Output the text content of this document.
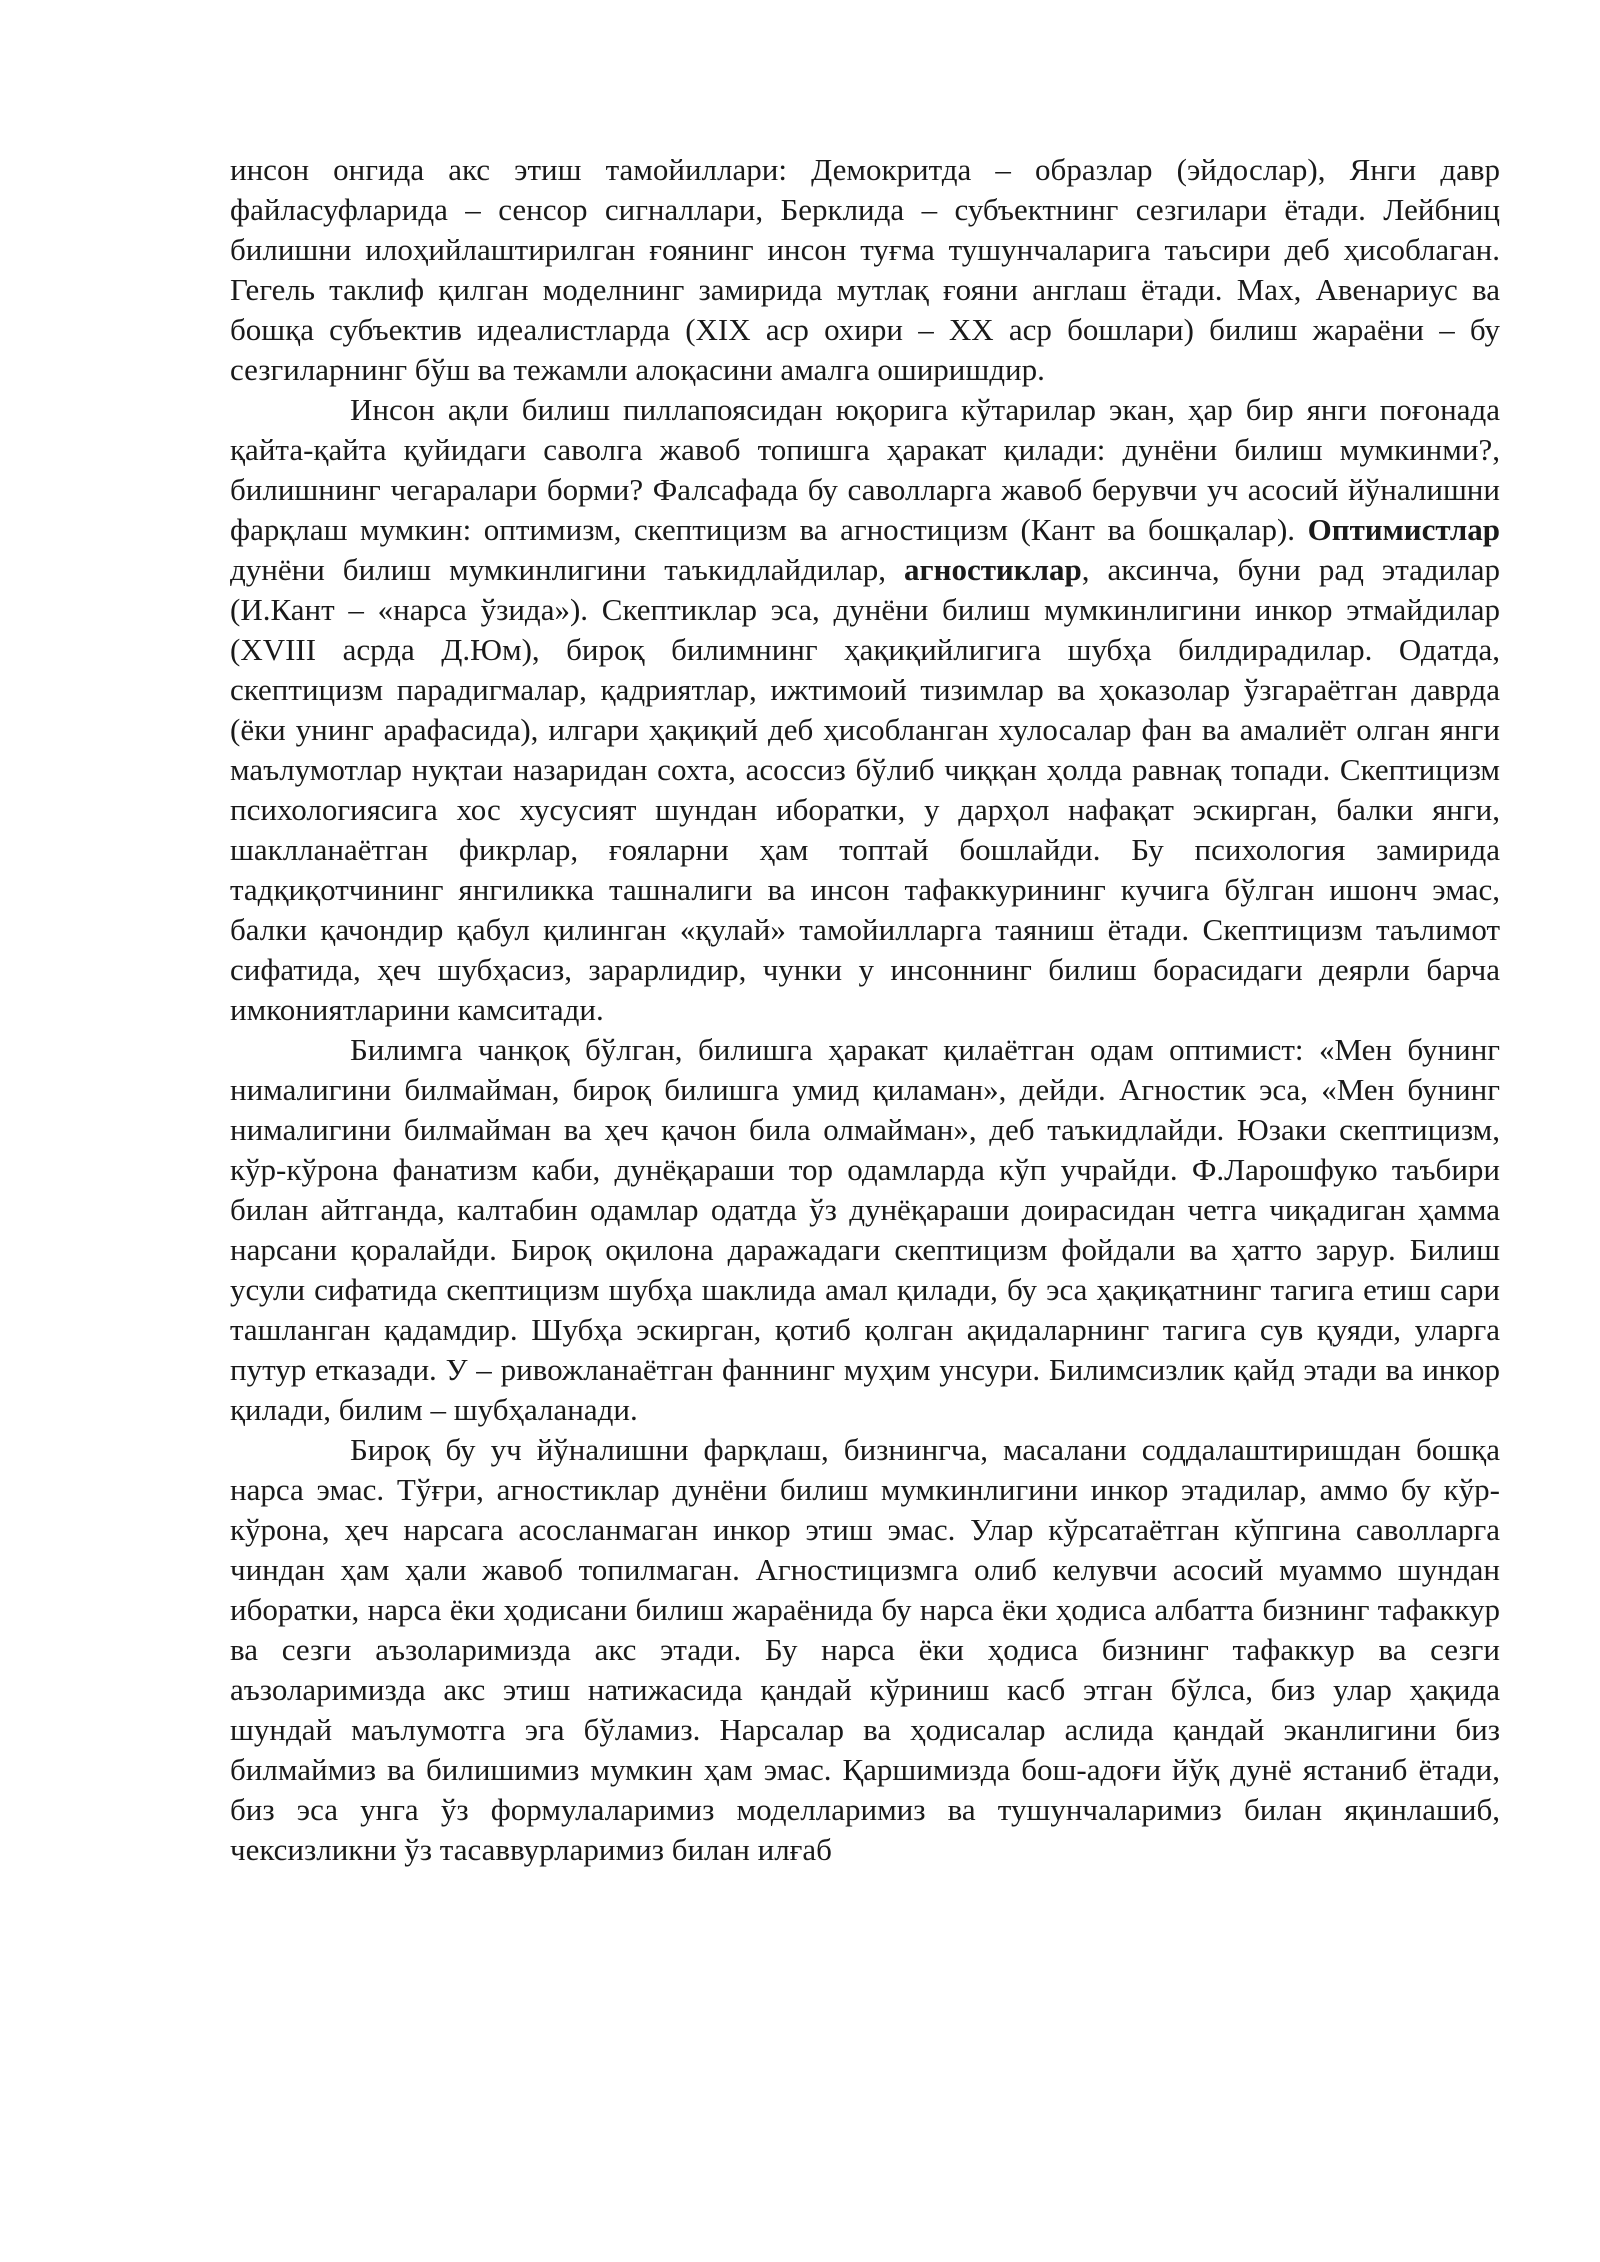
инсон онгида акс этиш тамойиллари: Демокритда – образлар (эйдослар), Янги давр файласуфларида – сенсор сигналлари, Берклида – субъектнинг сезгилари ётади. Лейбниц билишни илоҳийлаштирилган ғоянинг инсон туғма тушунчаларига таъсири деб ҳисоблаган. Гегель таклиф қилган моделнинг замирида мутлақ ғояни англаш ётади. Мах, Авенариус ва бошқа субъектив идеалистларда (XIX аср охири – XX аср бошлари) билиш жараёни – бу сезгиларнинг бўш ва тежамли алоқасини амалга оширишдир.

Инсон ақли билиш пиллапоясидан юқорига кўтарилар экан, ҳар бир янги поғонада қайта-қайта қуйидаги саволга жавоб топишга ҳаракат қилади: дунёни билиш мумкинми?, билишнинг чегаралари борми? Фалсафада бу саволларга жавоб берувчи уч асосий йўналишни фарқлаш мумкин: оптимизм, скептицизм ва агностицизм (Кант ва бошқалар). Оптимистлар дунёни билиш мумкинлигини таъкидлайдилар, агностиклар, аксинча, буни рад этадилар (И.Кант – «нарса ўзида»). Скептиклар эса, дунёни билиш мумкинлигини инкор этмайдилар (XVIII асрда Д.Юм), бироқ билимнинг ҳақиқийлигига шубҳа билдирадилар. Одатда, скептицизм парадигмалар, қадриятлар, ижтимоий тизимлар ва ҳоказолар ўзгараётган даврда (ёки унинг арафасида), илгари ҳақиқий деб ҳисобланган хулосалар фан ва амалиёт олган янги маълумотлар нуқтаи назаридан сохта, асоссиз бўлиб чиққан ҳолда равнақ топади. Скептицизм психологиясига хос хусусият шундан иборатки, у дарҳол нафақат эскирган, балки янги, шаклланаётган фикрлар, ғояларни ҳам топтай бошлайди. Бу психология замирида тадқиқотчининг янгиликка ташналиги ва инсон тафаккурининг кучига бўлган ишонч эмас, балки қачондир қабул қилинган «қулай» тамойилларга таяниш ётади. Скептицизм таълимот сифатида, ҳеч шубҳасиз, зарарлидир, чунки у инсоннинг билиш борасидаги деярли барча имкониятларини камситади.

Билимга чанқоқ бўлган, билишга ҳаракат қилаётган одам оптимист: «Мен бунинг нималигини билмайман, бироқ билишга умид қиламан», дейди. Агностик эса, «Мен бунинг нималигини билмайман ва ҳеч қачон била олмайман», деб таъкидлайди. Юзаки скептицизм, кўр-кўрона фанатизм каби, дунёқараши тор одамларда кўп учрайди. Ф.Ларошфуко таъбири билан айтганда, калтабин одамлар одатда ўз дунёқараши доирасидан четга чиқадиган ҳамма нарсани қоралайди. Бироқ оқилона даражадаги скептицизм фойдали ва ҳатто зарур. Билиш усули сифатида скептицизм шубҳа шаклида амал қилади, бу эса ҳақиқатнинг тагига етиш сари ташланган қадамдир. Шубҳа эскирган, қотиб қолган ақидаларнинг тагига сув қуяди, уларга путур етказади. У – ривожланаётган фаннинг муҳим унсури. Билимсизлик қайд этади ва инкор қилади, билим – шубҳаланади.

Бироқ бу уч йўналишни фарқлаш, бизнингча, масалани соддалаштиришдан бошқа нарса эмас. Тўғри, агностиклар дунёни билиш мумкинлигини инкор этадилар, аммо бу кўр-кўрона, ҳеч нарсага асосланмаган инкор этиш эмас. Улар кўрсатаётган кўпгина саволларга чиндан ҳам ҳали жавоб топилмаган. Агностицизмга олиб келувчи асосий муаммо шундан иборатки, нарса ёки ҳодисани билиш жараёнида бу нарса ёки ҳодиса албатта бизнинг тафаккур ва сезги аъзоларимизда акс этади. Бу нарса ёки ҳодиса бизнинг тафаккур ва сезги аъзоларимизда акс этиш натижасида қандай кўриниш касб этган бўлса, биз улар ҳақида шундай маълумотга эга бўламиз. Нарсалар ва ҳодисалар аслида қандай эканлигини биз билмаймиз ва билишимиз мумкин ҳам эмас. Қаршимизда бош-адоғи йўқ дунё ястаниб ётади, биз эса унга ўз формулаларимиз моделларимиз ва тушунчаларимиз билан яқинлашиб, чексизликни ўз тасаввурларимиз билан илғаб
